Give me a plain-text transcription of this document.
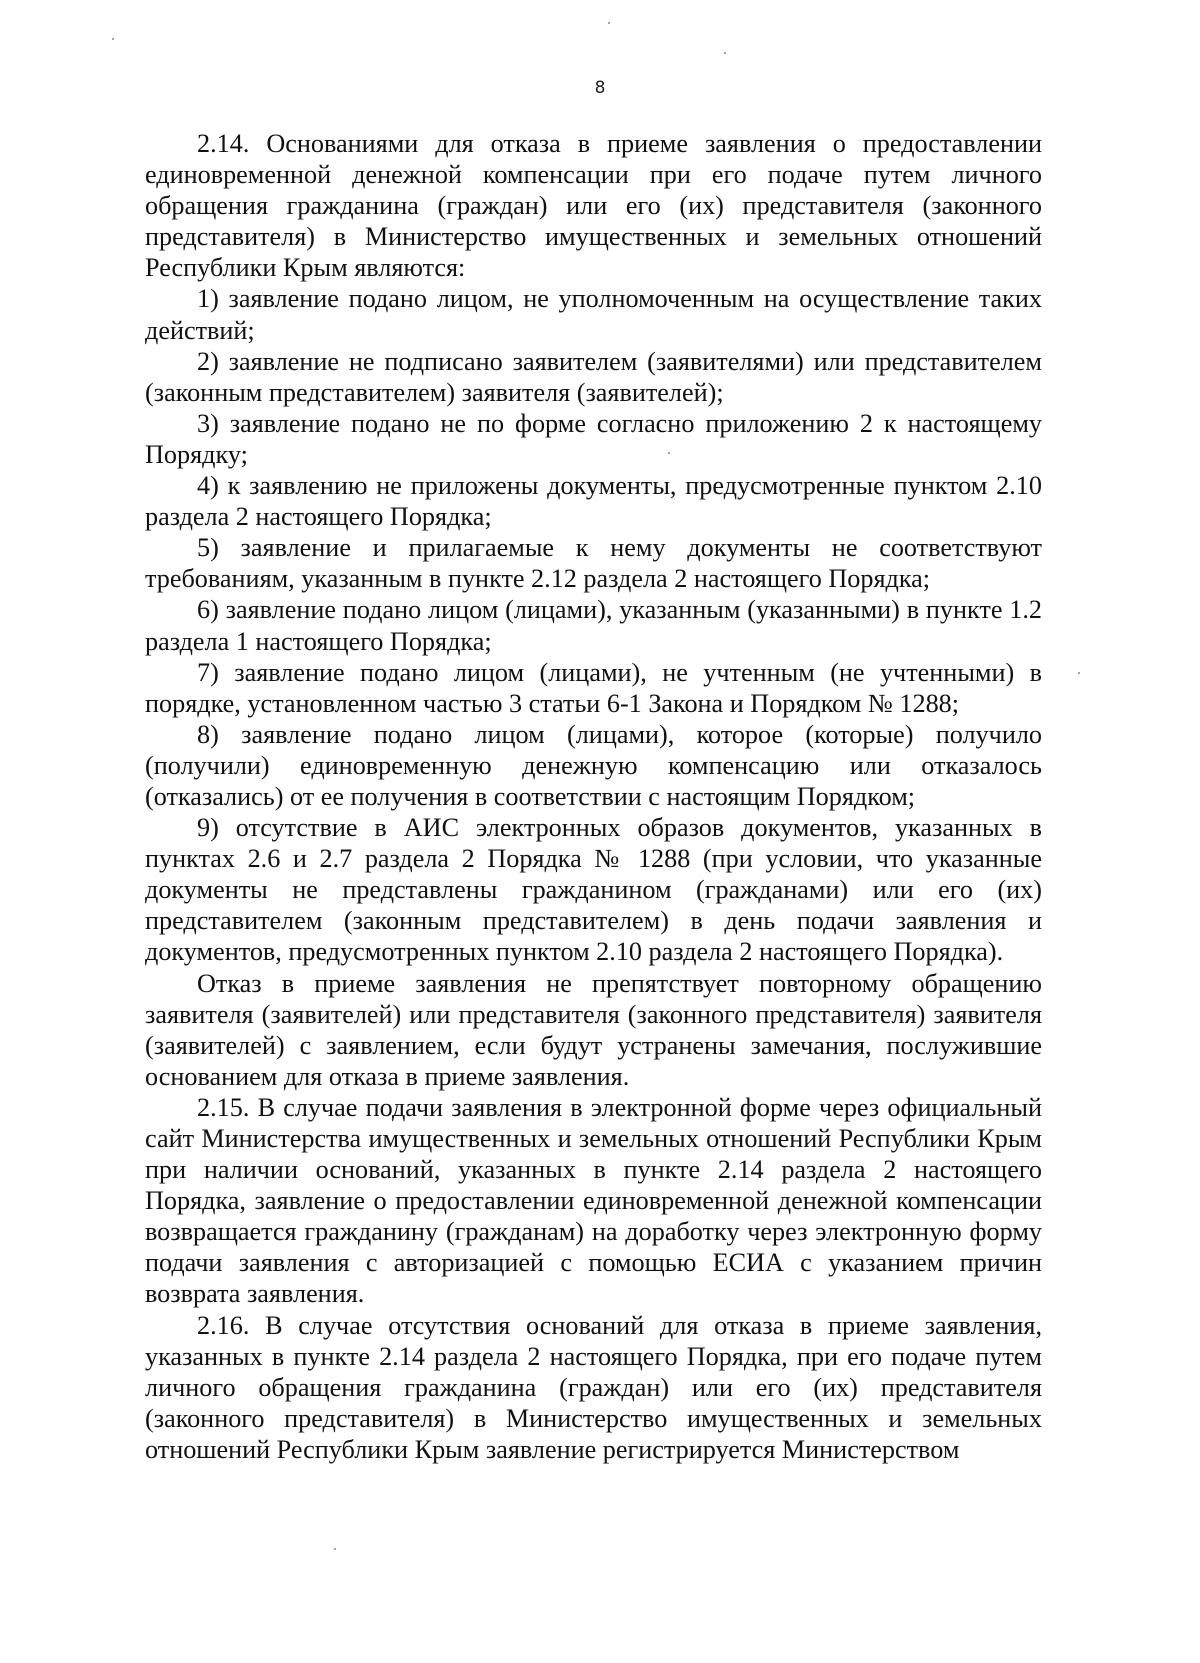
8

2.14. Основаниями для отказа в приеме заявления о предоставлении единовременной денежной компенсации при его подаче путем личного обращения гражданина (граждан) или его (их) представителя (законного представителя) в Министерство имущественных и земельных отношений Республики Крым являются:

1) заявление подано лицом, не уполномоченным на осуществление таких действий;

2) заявление не подписано заявителем (заявителями) или представителем (законным представителем) заявителя (заявителей);

3) заявление подано не по форме согласно приложению 2 к настоящему Порядку;

4) к заявлению не приложены документы, предусмотренные пунктом 2.10 раздела 2 настоящего Порядка;

5) заявление и прилагаемые к нему документы не соответствуют требованиям, указанным в пункте 2.12 раздела 2 настоящего Порядка;

6) заявление подано лицом (лицами), указанным (указанными) в пункте 1.2 раздела 1 настоящего Порядка;

7) заявление подано лицом (лицами), не учтенным (не учтенными) в порядке, установленном частью 3 статьи 6-1 Закона и Порядком № 1288;

8) заявление подано лицом (лицами), которое (которые) получило (получили) единовременную денежную компенсацию или отказалось (отказались) от ее получения в соответствии с настоящим Порядком;

9) отсутствие в АИС электронных образов документов, указанных в пунктах 2.6 и 2.7 раздела 2 Порядка № 1288 (при условии, что указанные документы не представлены гражданином (гражданами) или его (их) представителем (законным представителем) в день подачи заявления и документов, предусмотренных пунктом 2.10 раздела 2 настоящего Порядка).

Отказ в приеме заявления не препятствует повторному обращению заявителя (заявителей) или представителя (законного представителя) заявителя (заявителей) с заявлением, если будут устранены замечания, послужившие основанием для отказа в приеме заявления.

2.15. В случае подачи заявления в электронной форме через официальный сайт Министерства имущественных и земельных отношений Республики Крым при наличии оснований, указанных в пункте 2.14 раздела 2 настоящего Порядка, заявление о предоставлении единовременной денежной компенсации возвращается гражданину (гражданам) на доработку через электронную форму подачи заявления с авторизацией с помощью ЕСИА с указанием причин возврата заявления.

2.16. В случае отсутствия оснований для отказа в приеме заявления, указанных в пункте 2.14 раздела 2 настоящего Порядка, при его подаче путем личного обращения гражданина (граждан) или его (их) представителя (законного представителя) в Министерство имущественных и земельных отношений Республики Крым заявление регистрируется Министерством
